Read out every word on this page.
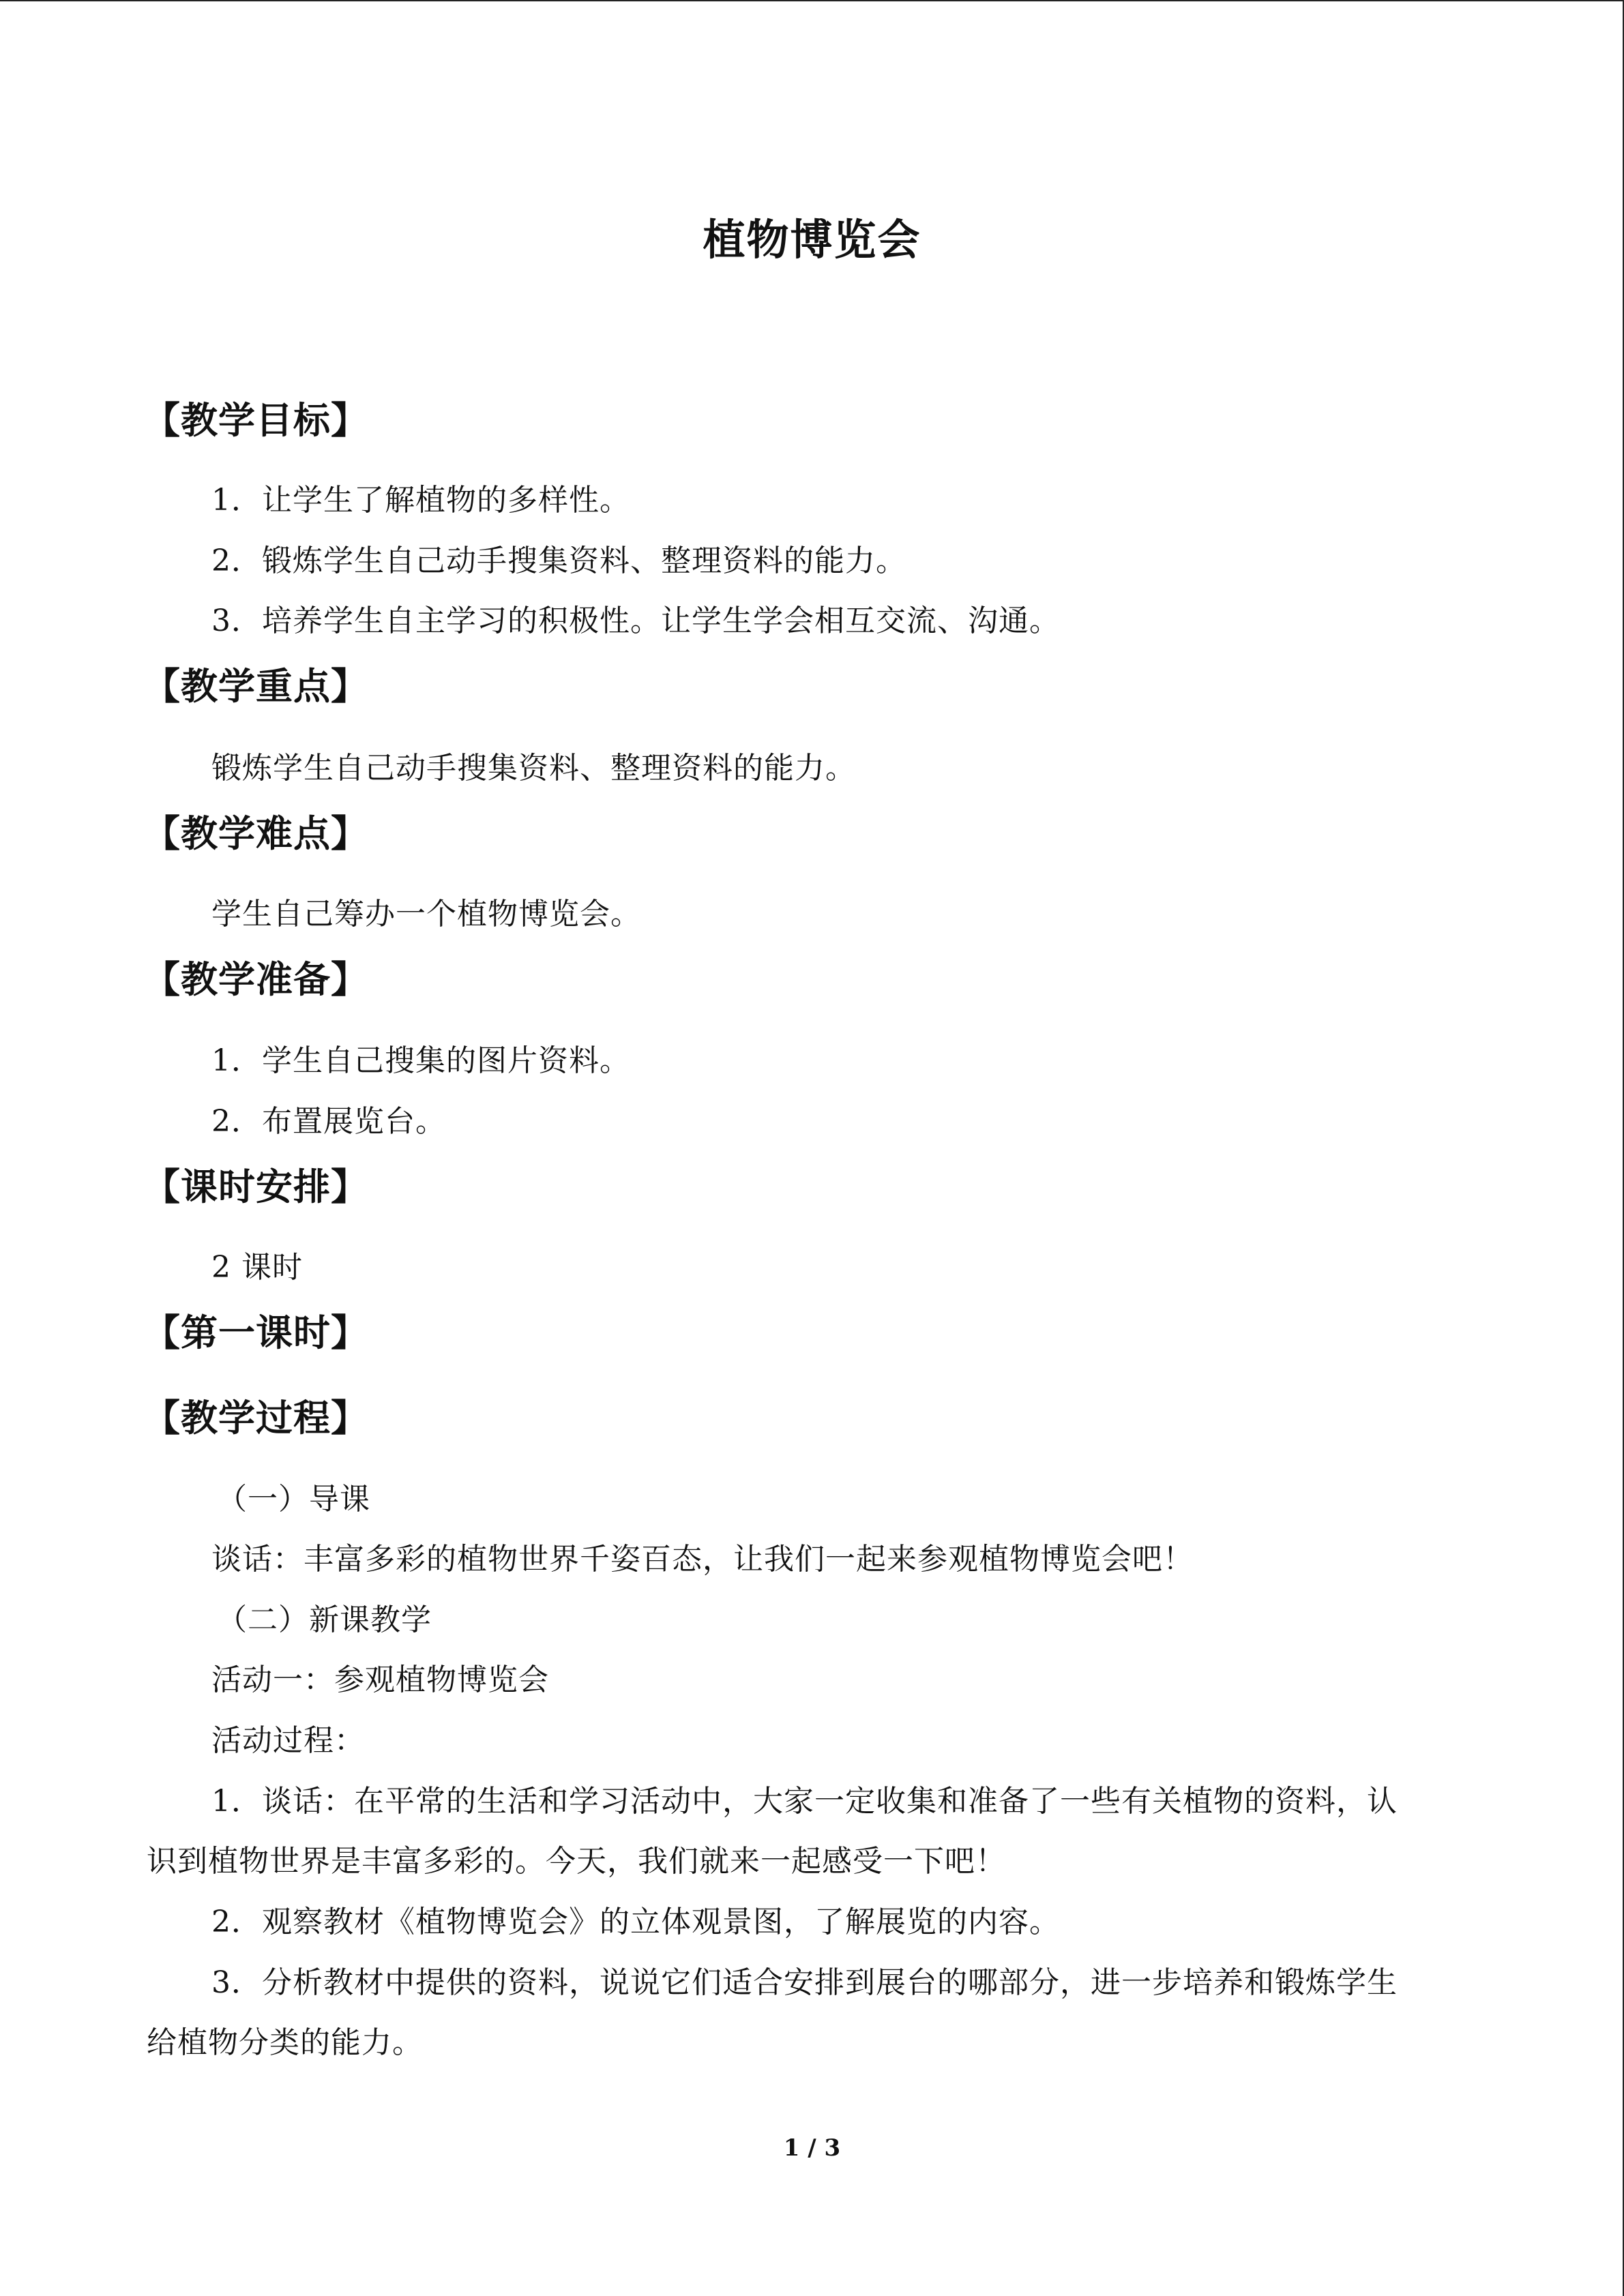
植物博览会
【教学目标】
1．让学生了解植物的多样性。
2．锻炼学生自己动手搜集资料、整理资料的能力。
3．培养学生自主学习的积极性。让学生学会相互交流、沟通。
【教学重点】
锻炼学生自己动手搜集资料、整理资料的能力。
【教学难点】
学生自己筹办一个植物博览会。
【教学准备】
1．学生自己搜集的图片资料。
2．布置展览台。
【课时安排】
2 课时
【第一课时】
【教学过程】
（一）导课
谈话：丰富多彩的植物世界千姿百态，让我们一起来参观植物博览会吧！
（二）新课教学
活动一：参观植物博览会
活动过程：
1．谈话：在平常的生活和学习活动中，大家一定收集和准备了一些有关植物的资料，认
识到植物世界是丰富多彩的。今天，我们就来一起感受一下吧！
2．观察教材《植物博览会》的立体观景图，了解展览的内容。
3．分析教材中提供的资料，说说它们适合安排到展台的哪部分，进一步培养和锻炼学生
给植物分类的能力。
1 / 3
